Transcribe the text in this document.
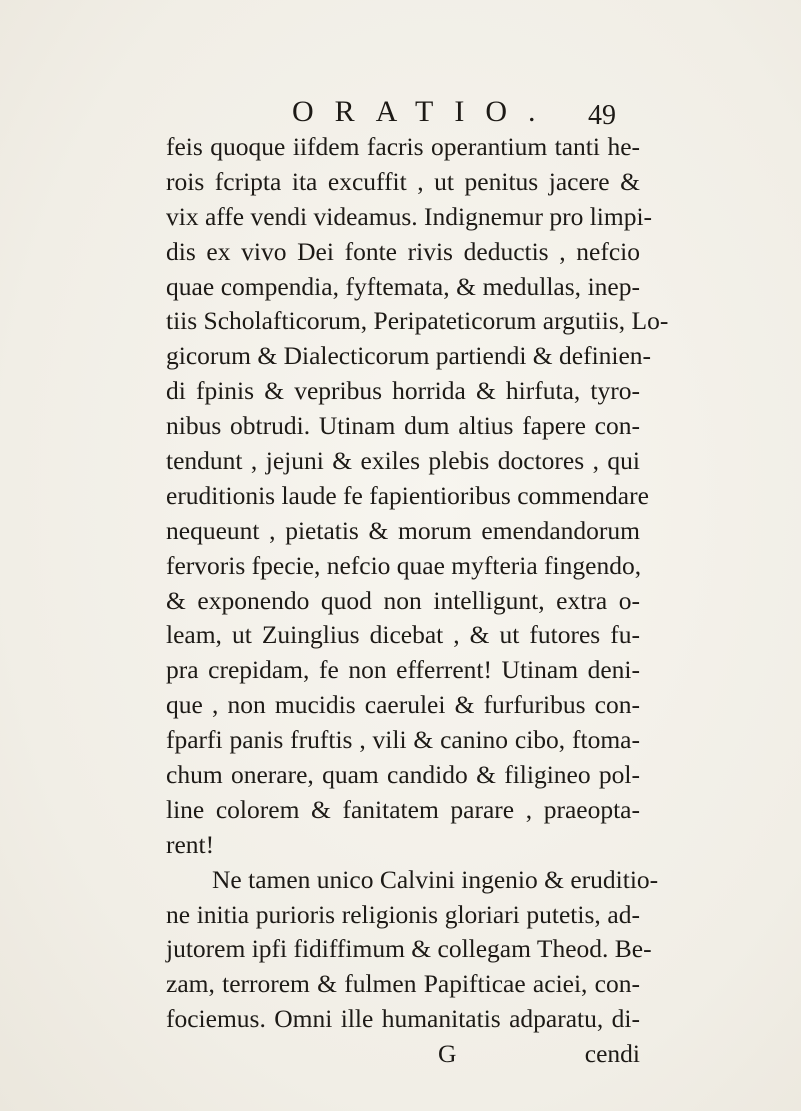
ORATIO. 49
feis quoque iifdem facris operantium tanti he-
rois fcripta ita excuffit , ut penitus jacere &
vix affe vendi videamus. Indignemur pro limpi-
dis ex vivo Dei fonte rivis deductis , nefcio
quae compendia, fyftemata, & medullas, inep-
tiis Scholafticorum, Peripateticorum argutiis, Lo-
gicorum & Dialecticorum partiendi & definien-
di fpinis & vepribus horrida & hirfuta, tyro-
nibus obtrudi. Utinam dum altius fapere con-
tendunt , jejuni & exiles plebis doctores , qui
eruditionis laude fe fapientioribus commendare
nequeunt , pietatis & morum emendandorum
fervoris fpecie, nefcio quae myfteria fingendo,
& exponendo quod non intelligunt, extra o-
leam, ut Zuinglius dicebat , & ut futores fu-
pra crepidam, fe non efferrent! Utinam deni-
que , non mucidis caerulei & furfuribus con-
fparfi panis fruftis , vili & canino cibo, ftoma-
chum onerare, quam candido & filigineo pol-
line colorem & fanitatem parare , praeopta-
rent!
Ne tamen unico Calvini ingenio & eruditio-
ne initia purioris religionis gloriari putetis, ad-
jutorem ipfi fidiffimum & collegam Theod. Be-
zam, terrorem & fulmen Papifticae aciei, con-
fociemus. Omni ille humanitatis adparatu, di-
G	cendi
